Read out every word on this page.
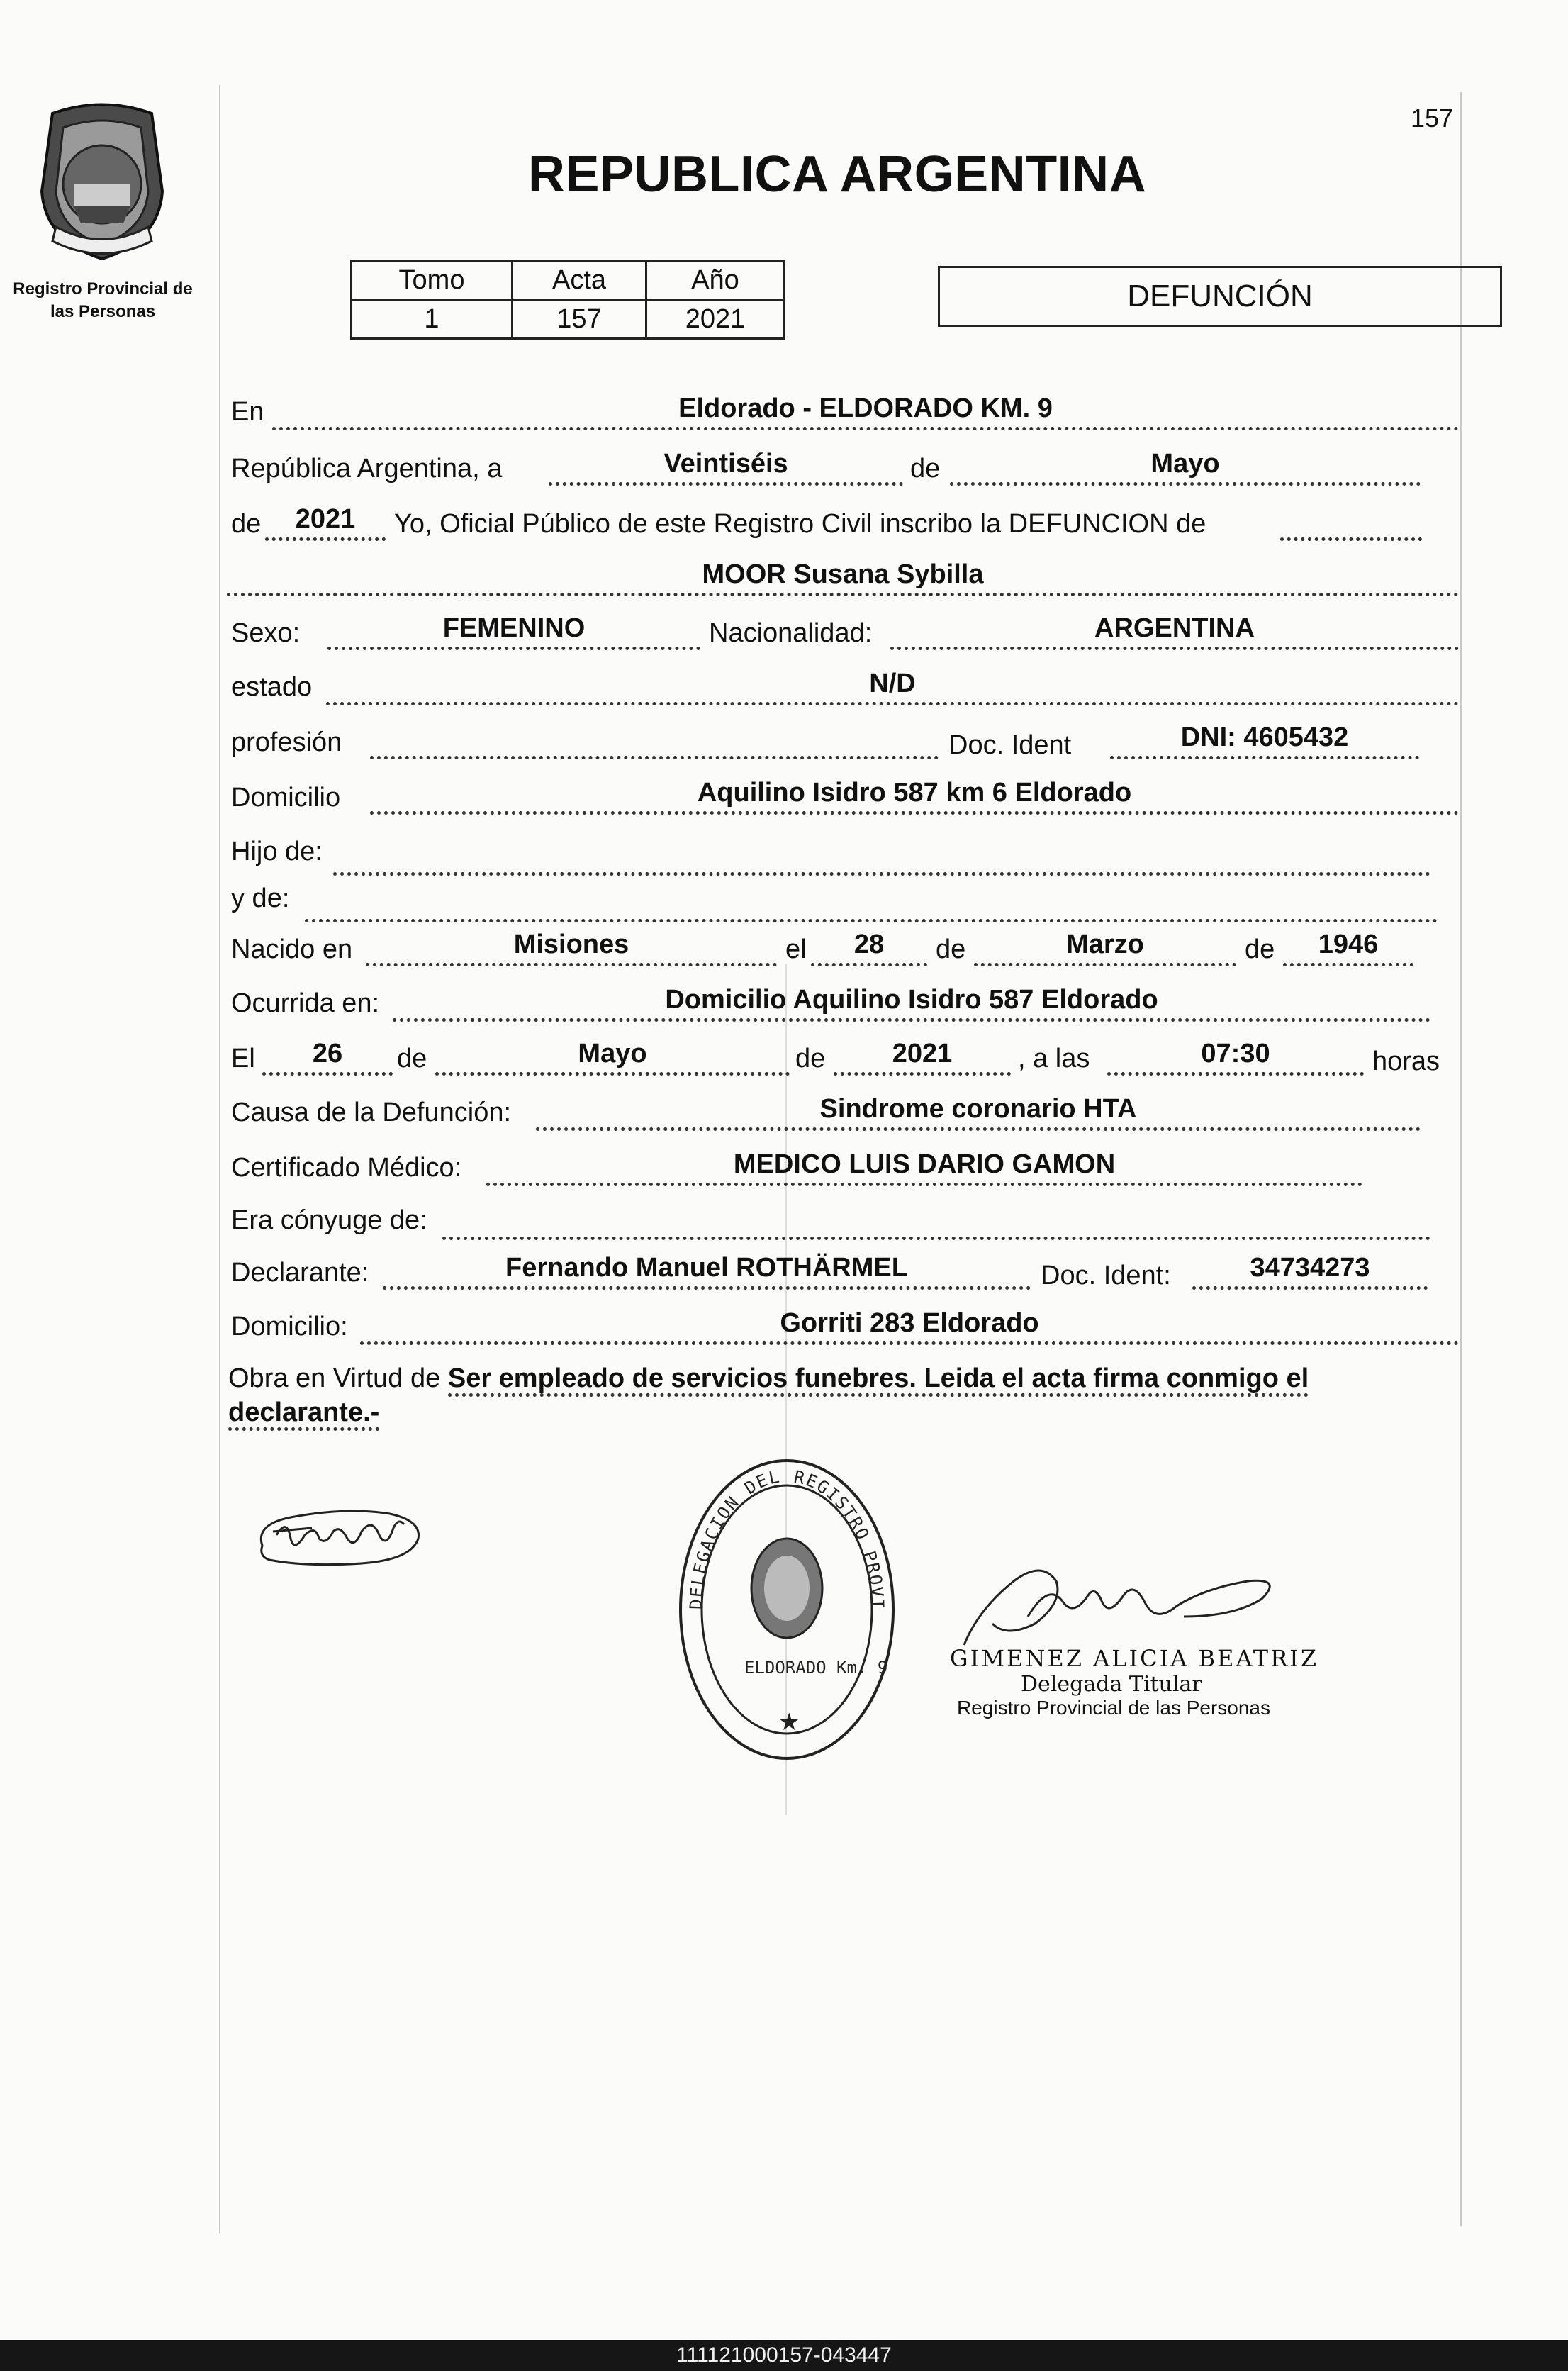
Registro Provincial de las Personas
157
REPUBLICA ARGENTINA
Tomo	Acta	Año
1	157	2021
DEFUNCIÓN
En	Eldorado - ELDORADO KM. 9
República Argentina, a	Veintiséis	de	Mayo
de	2021	Yo, Oficial Público de este Registro Civil inscribo la DEFUNCION de
MOOR Susana Sybilla
Sexo:	FEMENINO	Nacionalidad:	ARGENTINA
estado	N/D
profesión	Doc. Ident	DNI: 4605432
Domicilio	Aquilino Isidro 587 km 6 Eldorado
Hijo de:
y de:
Nacido en	Misiones	el	28	de	Marzo	de	1946
Ocurrida en:	Domicilio Aquilino Isidro 587 Eldorado
El	26	de	Mayo	de	2021	, a las	07:30	horas
Causa de la Defunción:	Sindrome coronario HTA
Certificado Médico:	MEDICO LUIS DARIO GAMON
Era cónyuge de:
Declarante:	Fernando Manuel ROTHÄRMEL	Doc. Ident:	34734273
Domicilio:	Gorriti 283 Eldorado
Obra en Virtud de Ser empleado de servicios funebres. Leida el acta firma conmigo el declarante.-
DELEGACION DEL REGISTRO PROVI
ELDORADO Km. 9
★
GIMENEZ ALICIA BEATRIZ
Delegada Titular
Registro Provincial de las Personas
111121000157-043447
